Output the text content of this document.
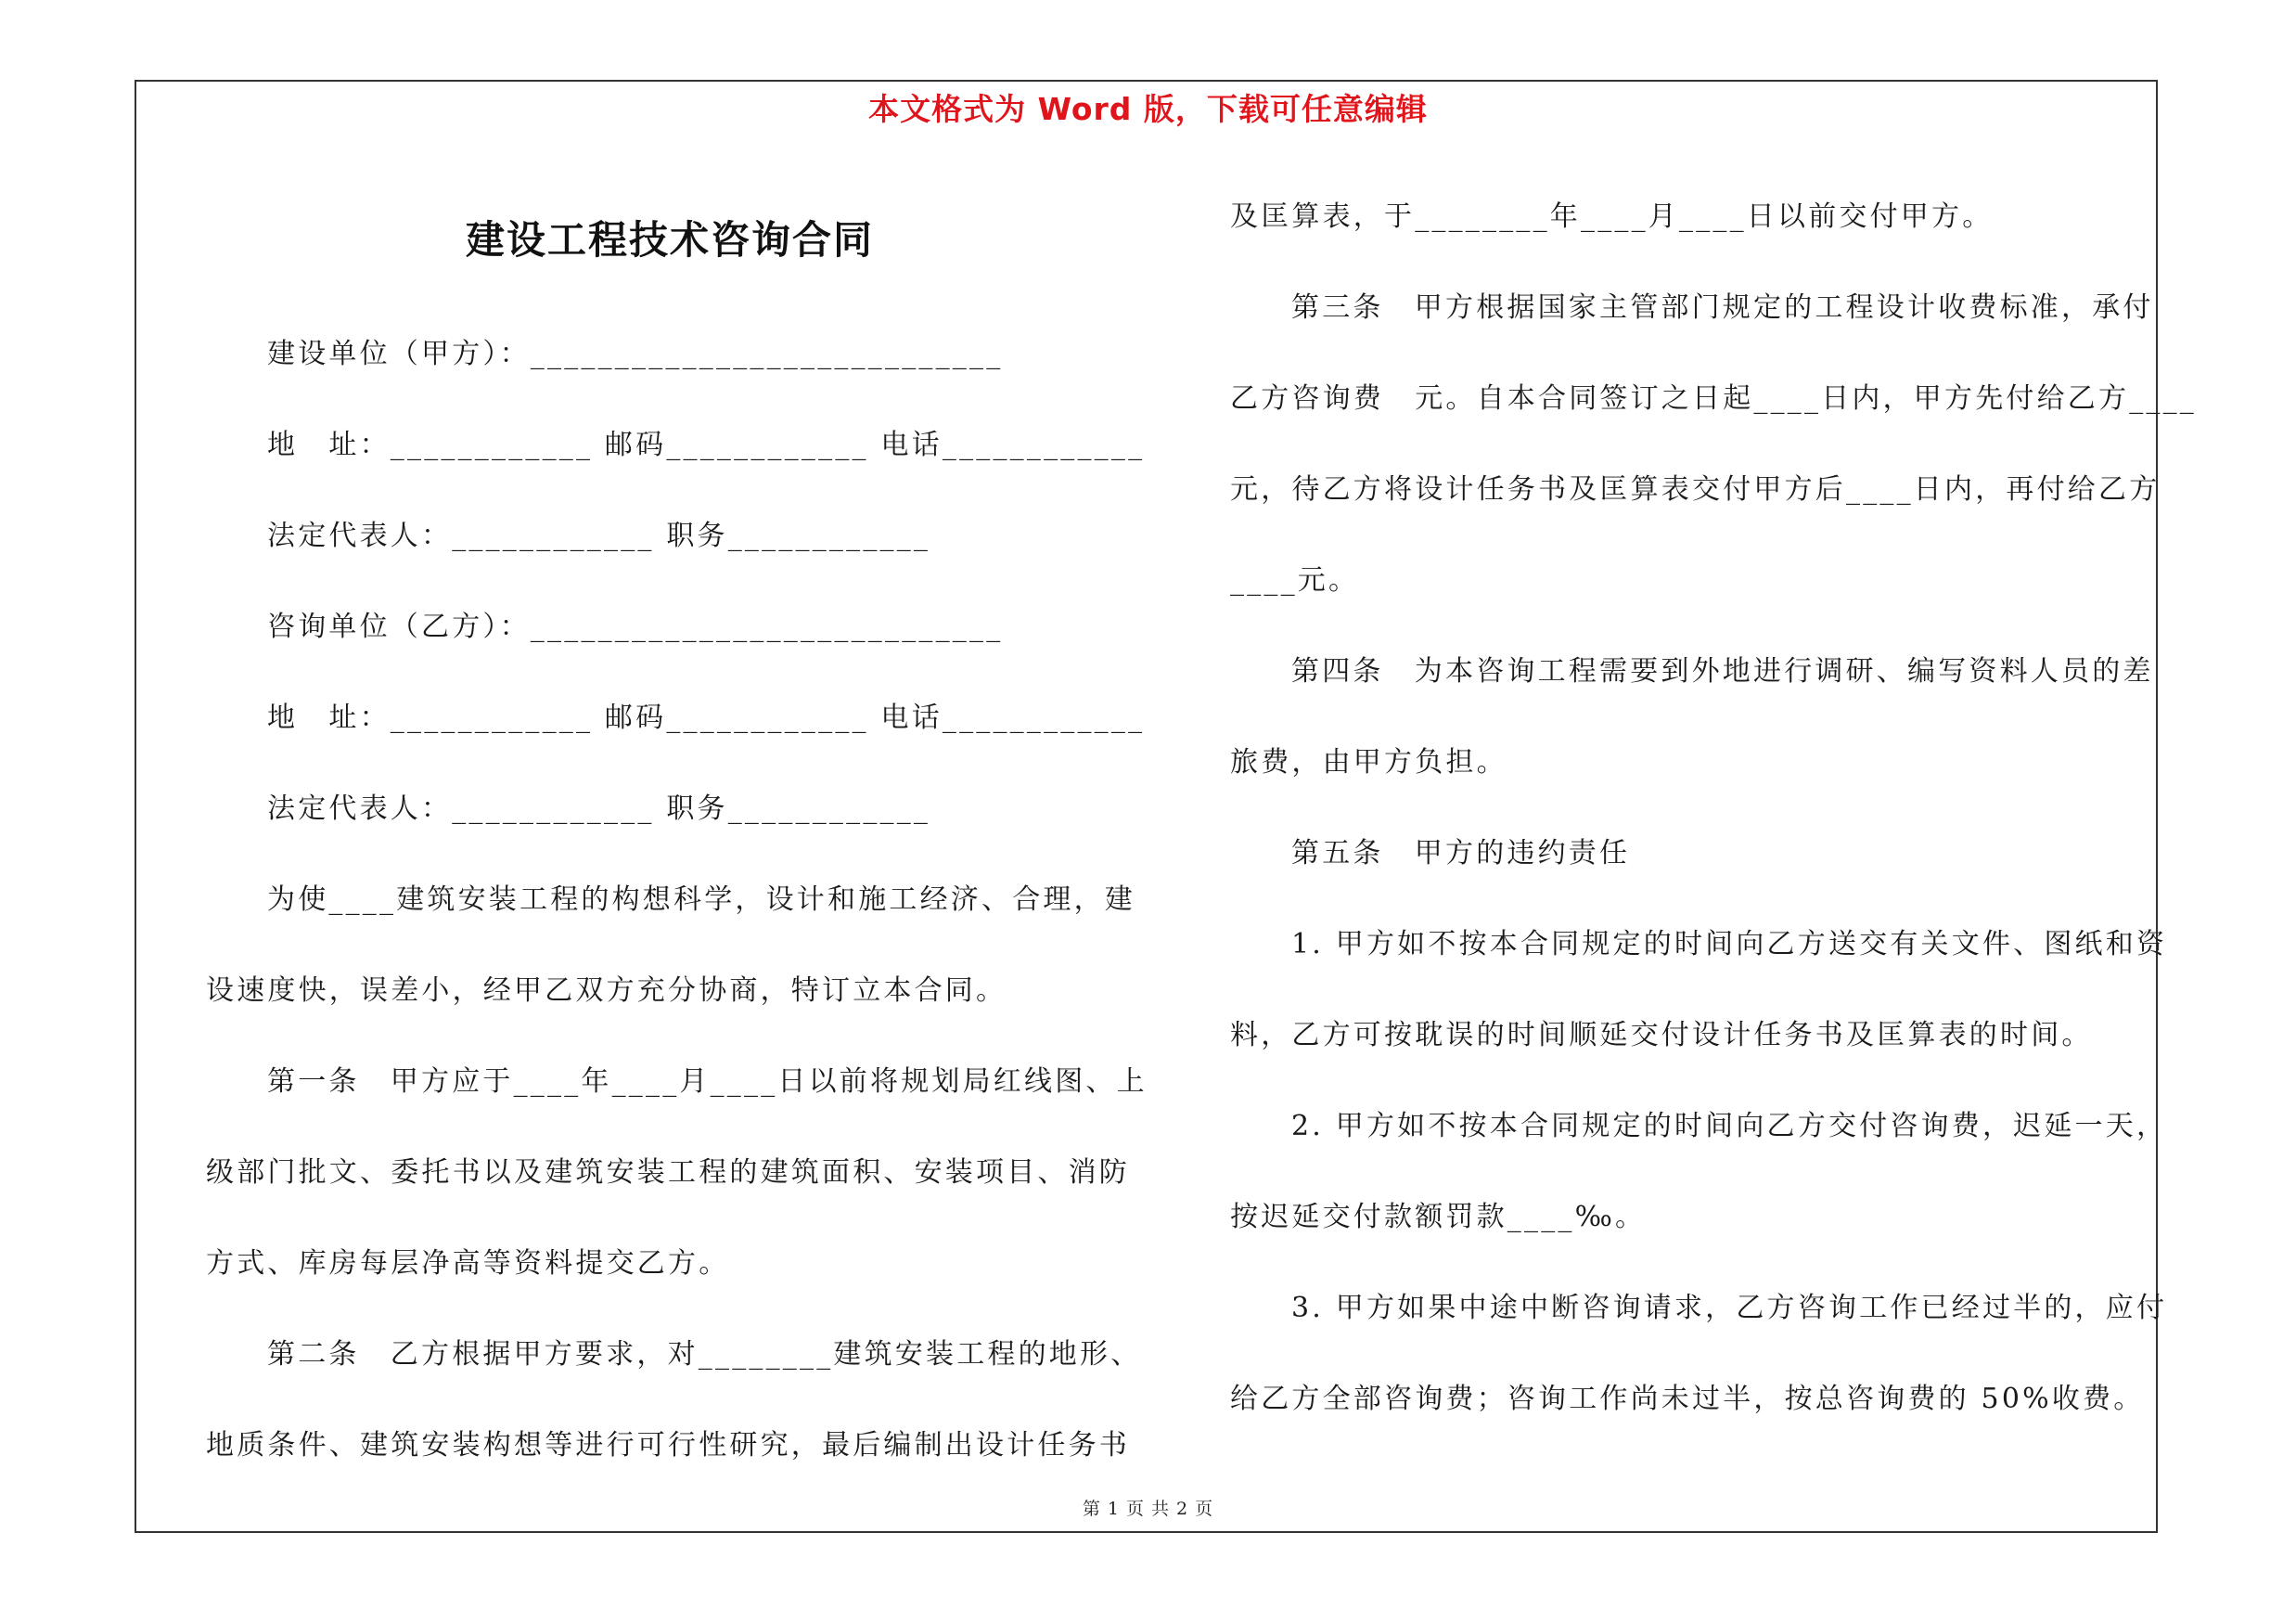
本文格式为 Word 版，下载可任意编辑
建设工程技术咨询合同
建设单位（甲方）：____________________________
地　址：____________ 邮码____________ 电话____________
法定代表人：____________ 职务____________
咨询单位（乙方）：____________________________
地　址：____________ 邮码____________ 电话____________
法定代表人：____________ 职务____________
为使____建筑安装工程的构想科学，设计和施工经济、合理，建
设速度快，误差小，经甲乙双方充分协商，特订立本合同。
第一条　甲方应于____年____月____日以前将规划局红线图、上
级部门批文、委托书以及建筑安装工程的建筑面积、安装项目、消防
方式、库房每层净高等资料提交乙方。
第二条　乙方根据甲方要求，对________建筑安装工程的地形、
地质条件、建筑安装构想等进行可行性研究，最后编制出设计任务书
及匡算表，于________年____月____日以前交付甲方。
第三条　甲方根据国家主管部门规定的工程设计收费标准，承付
乙方咨询费　元。自本合同签订之日起____日内，甲方先付给乙方____
元，待乙方将设计任务书及匡算表交付甲方后____日内，再付给乙方
____元。
第四条　为本咨询工程需要到外地进行调研、编写资料人员的差
旅费，由甲方负担。
第五条　甲方的违约责任
1. 甲方如不按本合同规定的时间向乙方送交有关文件、图纸和资
料，乙方可按耽误的时间顺延交付设计任务书及匡算表的时间。
2. 甲方如不按本合同规定的时间向乙方交付咨询费，迟延一天，
按迟延交付款额罚款____‰。
3. 甲方如果中途中断咨询请求，乙方咨询工作已经过半的，应付
给乙方全部咨询费；咨询工作尚未过半，按总咨询费的 50%收费。
第 1 页 共 2 页
